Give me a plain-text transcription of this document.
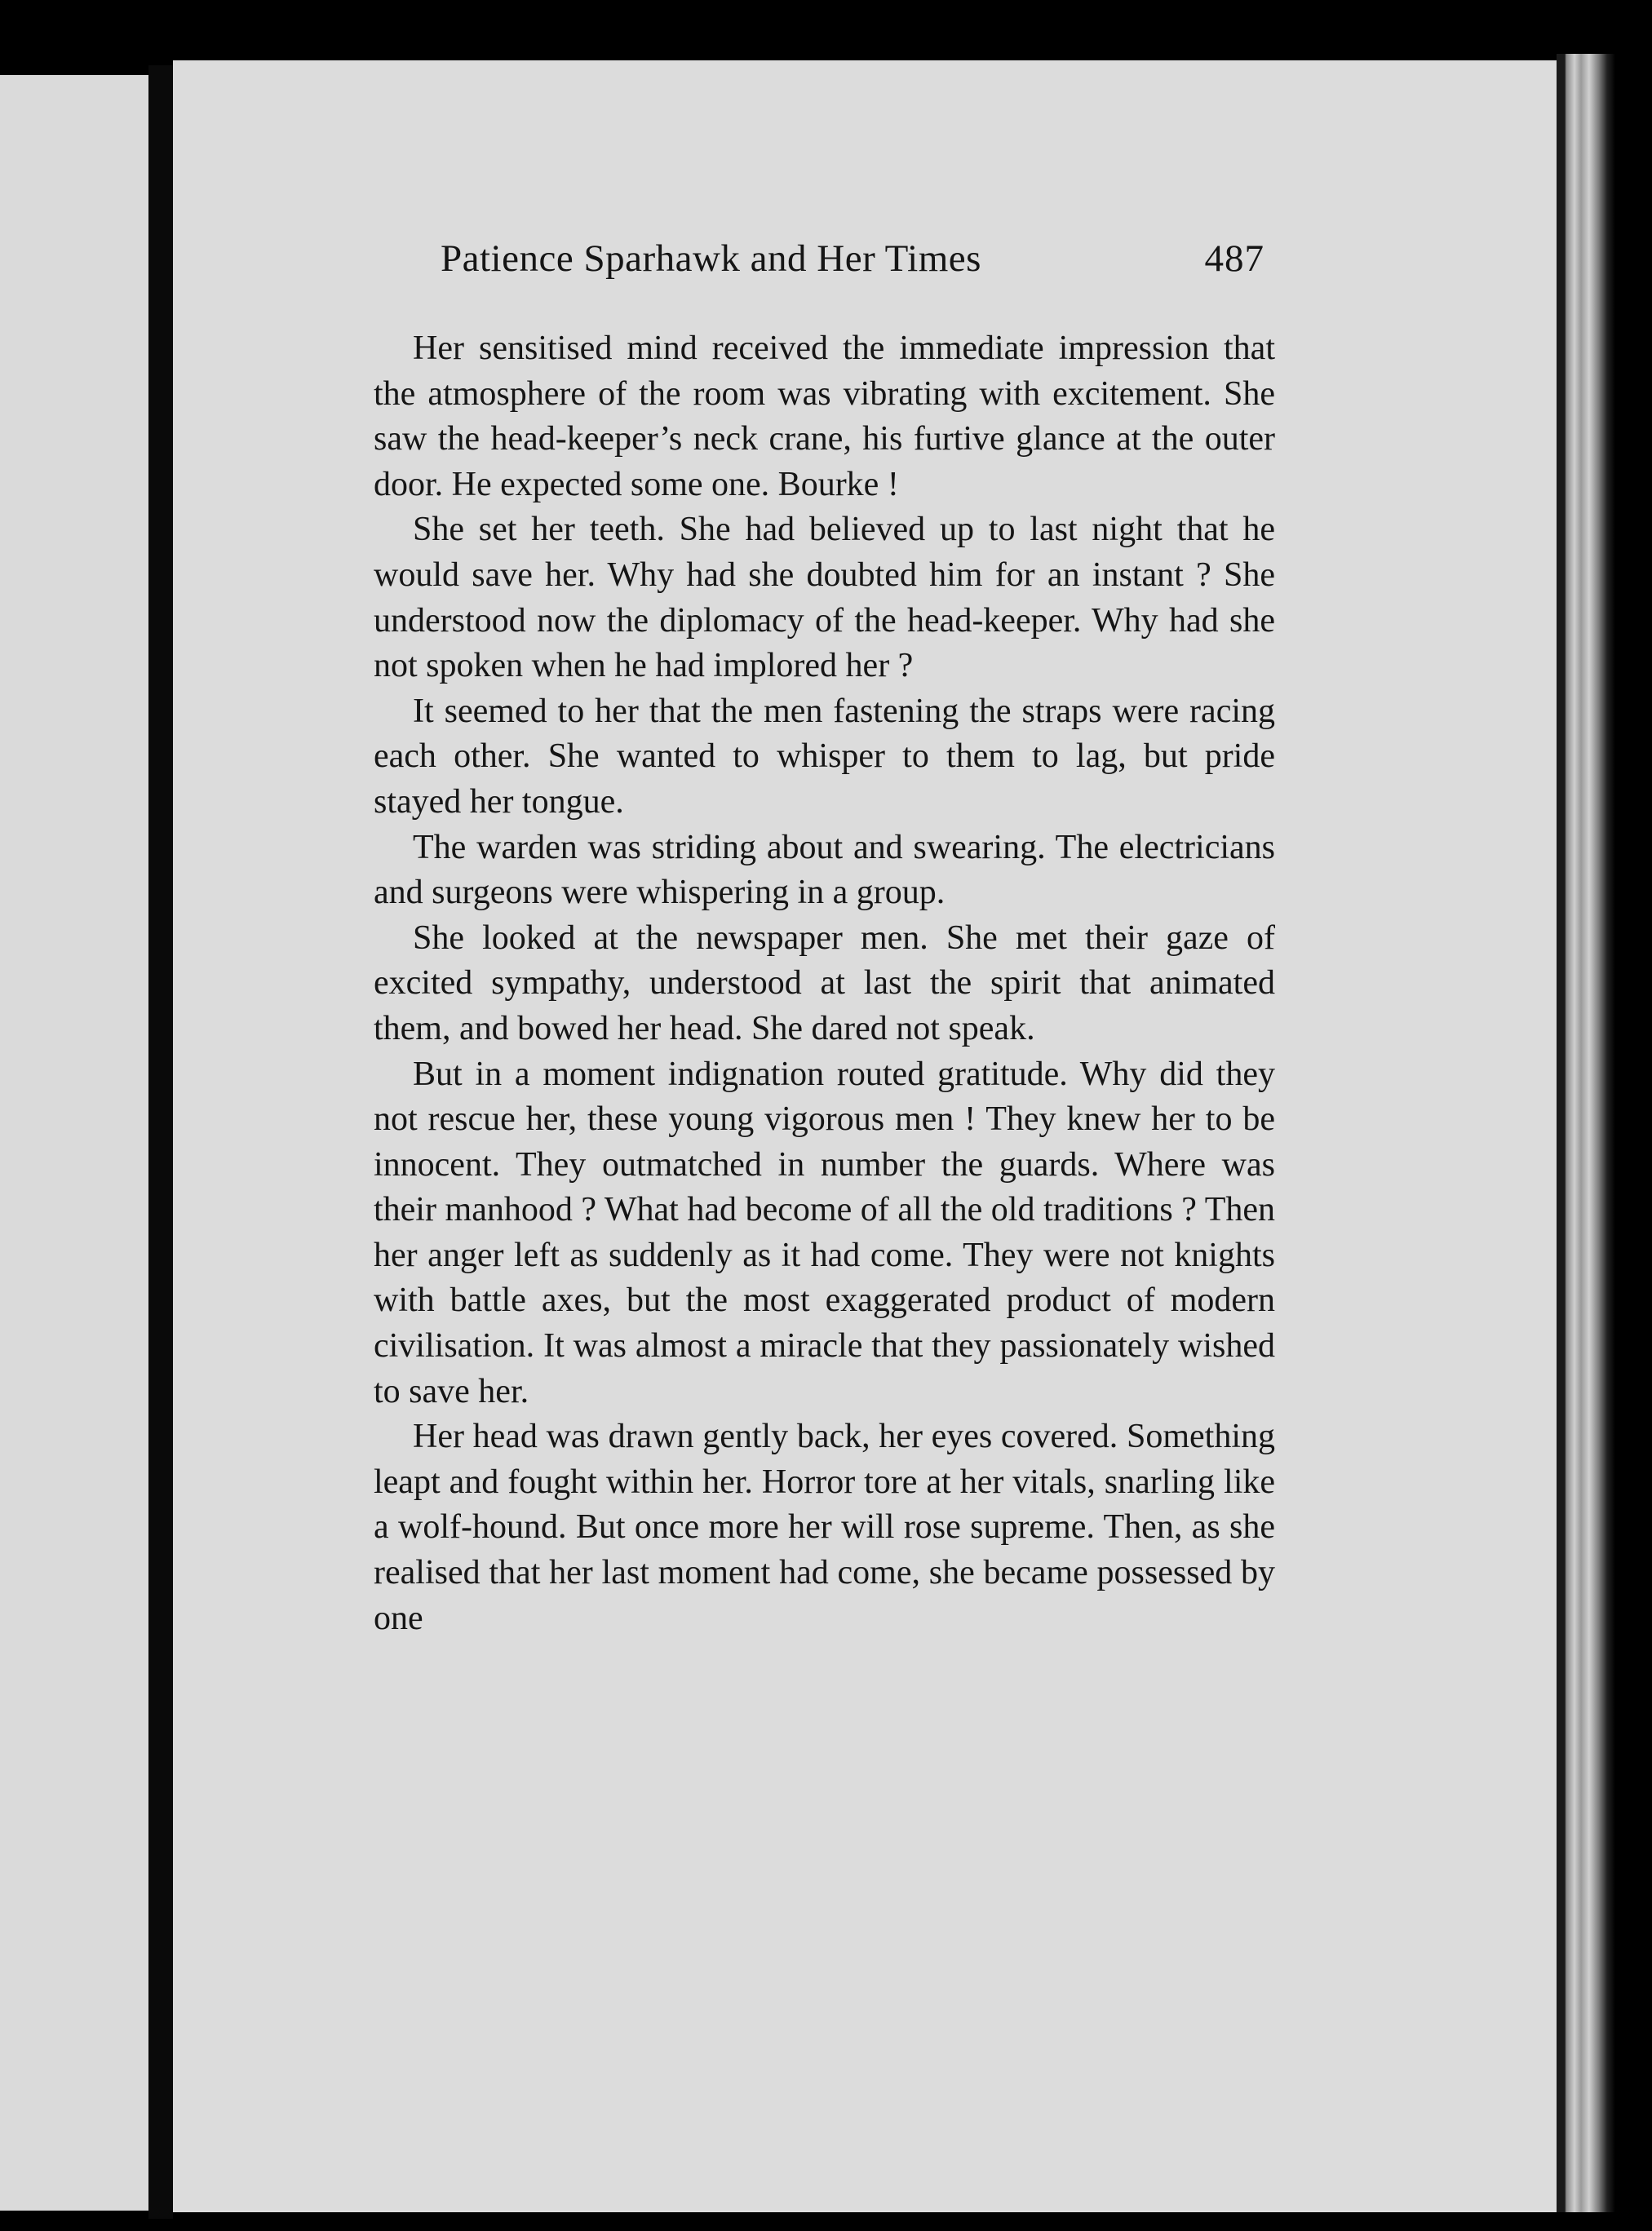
Patience Sparhawk and Her Times	487

Her sensitised mind received the immediate impression that the atmosphere of the room was vibrating with excitement. She saw the head-keeper’s neck crane, his furtive glance at the outer door. He expected some one. Bourke !

She set her teeth. She had believed up to last night that he would save her. Why had she doubted him for an instant ? She understood now the diplomacy of the head-keeper. Why had she not spoken when he had implored her ?

It seemed to her that the men fastening the straps were racing each other. She wanted to whisper to them to lag, but pride stayed her tongue.

The warden was striding about and swearing. The electricians and surgeons were whispering in a group.

She looked at the newspaper men. She met their gaze of excited sympathy, understood at last the spirit that animated them, and bowed her head. She dared not speak.

But in a moment indignation routed gratitude. Why did they not rescue her, these young vigorous men ! They knew her to be innocent. They outmatched in number the guards. Where was their manhood ? What had become of all the old traditions ? Then her anger left as suddenly as it had come. They were not knights with battle axes, but the most exaggerated product of modern civilisation. It was almost a miracle that they passionately wished to save her.

Her head was drawn gently back, her eyes covered. Something leapt and fought within her. Horror tore at her vitals, snarling like a wolf-hound. But once more her will rose supreme. Then, as she realised that her last moment had come, she became possessed by one
